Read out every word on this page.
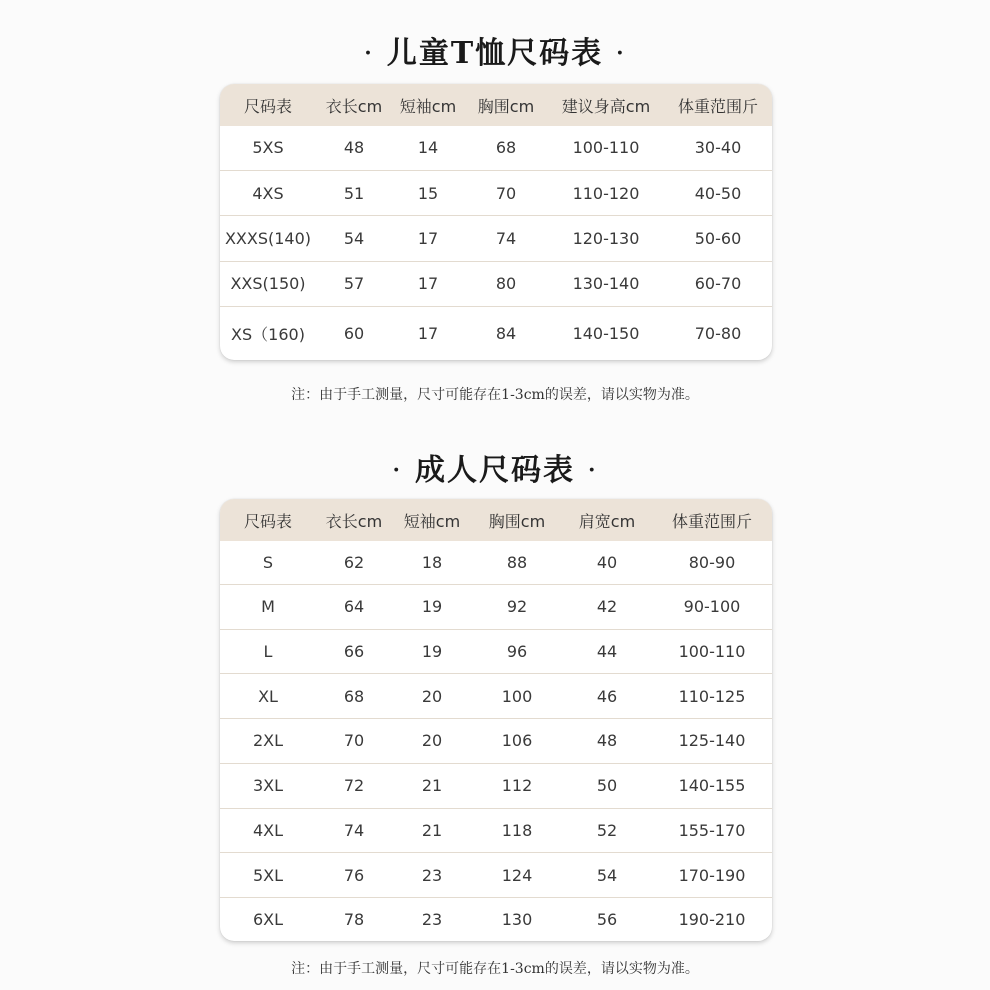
· 儿童T恤尺码表 ·
尺码表	衣长cm	短袖cm	胸围cm	建议身高cm	体重范围斤
5XS	48	14	68	100-110	30-40
4XS	51	15	70	110-120	40-50
XXXS(140)	54	17	74	120-130	50-60
XXS(150)	57	17	80	130-140	60-70
XS（160)	60	17	84	140-150	70-80
注：由于手工测量，尺寸可能存在1-3cm的误差，请以实物为准。
· 成人尺码表 ·
尺码表	衣长cm	短袖cm	胸围cm	肩宽cm	体重范围斤
S	62	18	88	40	80-90
M	64	19	92	42	90-100
L	66	19	96	44	100-110
XL	68	20	100	46	110-125
2XL	70	20	106	48	125-140
3XL	72	21	112	50	140-155
4XL	74	21	118	52	155-170
5XL	76	23	124	54	170-190
6XL	78	23	130	56	190-210
注：由于手工测量，尺寸可能存在1-3cm的误差，请以实物为准。
